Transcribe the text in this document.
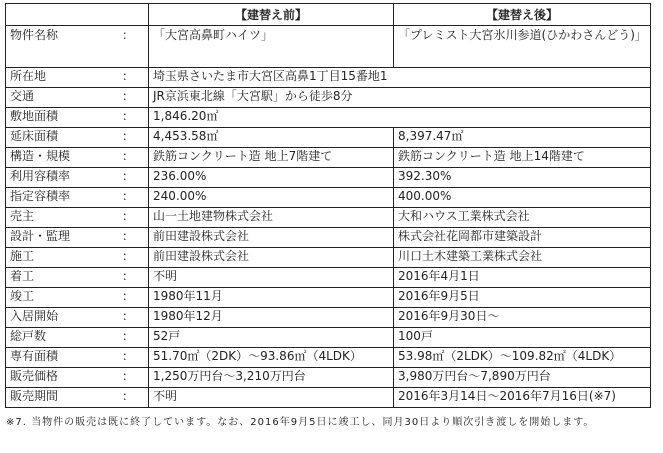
	【建替え前】	【建替え後】

物件名称 ：	「大宮高鼻町ハイツ」	「プレミスト大宮氷川参道(ひかわさんどう)」

所在地 ：	埼玉県さいたま市大宮区高鼻1丁目15番地1	

交通 ：	JR京浜東北線「大宮駅」から徒歩8分	

敷地面積 ：	1,846.20㎡	

延床面積 ：	4,453.58㎡	8,397.47㎡

構造・規模 ：	鉄筋コンクリート造 地上7階建て	鉄筋コンクリート造 地上14階建て

利用容積率 ：	236.00%	392.30%

指定容積率 ：	240.00%	400.00%

売主 ：	山一土地建物株式会社	大和ハウス工業株式会社

設計・監理 ：	前田建設株式会社	株式会社花岡都市建築設計

施工 ：	前田建設株式会社	川口土木建築工業株式会社

着工 ：	不明	2016年4月1日

竣工 ：	1980年11月	2016年9月5日

入居開始 ：	1980年12月	2016年9月30日～

総戸数 ：	52戸	100戸

専有面積 ：	51.70㎡（2DK）～93.86㎡（4LDK）	53.98㎡（2LDK）～109.82㎡（4LDK）

販売価格 ：	1,250万円台～3,210万円台	3,980万円台～7,890万円台

販売期間 ：	不明	2016年3月14日～2016年7月16日(※7)
※7. 当物件の販売は既に終了しています。なお、2016年9月5日に竣工し、同月30日より順次引き渡しを開始します。
